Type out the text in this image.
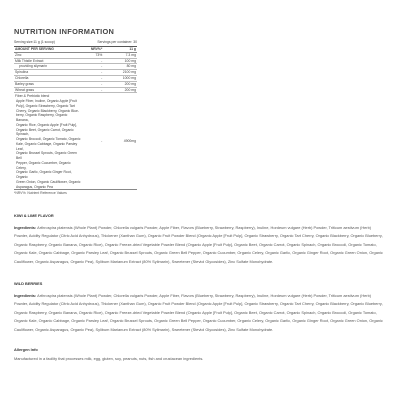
NUTRITION INFORMATION
Serving size:11 g (1 scoop)	Servings per container: 30
AMOUNT PER SERVING	NRV%*	11 g
Zinc	73%	7.3 mg
Milk Thistle Extract	-	100 mg
providing silymarin	-	80 mg
Spirulina	-	2100 mg
Chlorella	-	1000 mg
Barley grass	-	200 mg
Wheat grass	-	200 mg
Fiber & Prebiotic blend
Apple Fiber, Inuline, Organic Apple [Fruit
Pulp], Organic Strawberry, Organic Tart
Cherry, Organic Blackberry, Organic Blue-
berry, Organic Raspberry, Organic Banana,
Organic Rice, Organic Apple [Fruit Pulp],
Organic Beet, Organic Carrot, Organic Spinach,
Organic Broccoli, Organic Tomato, Organic
Kale, Organic Cabbage, Organic Parsley Leaf,
Organic Brussel Sprouts, Organic Green Bell
Pepper, Organic Cucumber, Organic Celery,
Organic Garlic, Organic Ginger Root, Organic
Green Onion, Organic Cauliflower, Organic
Asparagus, Organic Pea
-	4900mg
*NRV%: Nutrient Reference Values

KIWI & LIME FLAVOR

Ingredients: Arthrospira platensis (Whole Plant) Powder, Chlorella vulgaris Powder, Apple Fiber, Flavors (Blueberry, Strawberry, Raspberry), Inuline, Hordeum vulgare (Herb) Powder, Triticum aestivum (Herb) Powder, Acidity Regulator (Citric Acid Anhydrous), Thickener (Xanthan Gum), Organic Fruit Powder Blend (Organic Apple [Fruit Pulp], Organic Strawberry, Organic Tart Cherry, Organic Blackberry, Organic Blueberry, Organic Raspberry, Organic Banana, Organic Rice), Organic Freeze-dried Vegetable Powder Blend (Organic Apple [Fruit Pulp], Organic Beet, Organic Carrot, Organic Spinach, Organic Broccoli, Organic Tomato, Organic Kale, Organic Cabbage, Organic Parsley Leaf, Organic Brussel Sprouts, Organic Green Bell Pepper, Organic Cucumber, Organic Celery, Organic Garlic, Organic Ginger Root, Organic Green Onion, Organic Cauliflower, Organic Asparagus, Organic Pea), Sylibum Marianum Extract (80% Sylimarin), Sweetener (Steviol Glycosides), Zinc Sulfate Monohydrate.

WILD BERRIES

Ingredients: Arthrospira platensis (Whole Plant) Powder, Chlorella vulgaris Powder, Apple Fiber, Flavors (Blueberry, Strawberry, Raspberry), Inuline, Hordeum vulgare (Herb) Powder, Triticum aestivum (Herb) Powder, Acidity Regulator (Citric Acid Anhydrous), Thickener (Xanthan Gum), Organic Fruit Powder Blend (Organic Apple [Fruit Pulp], Organic Strawberry, Organic Tart Cherry, Organic Blackberry, Organic Blueberry, Organic Raspberry, Organic Banana, Organic Rice), Organic Freeze-dried Vegetable Powder Blend (Organic Apple [Fruit Pulp], Organic Beet, Organic Carrot, Organic Spinach, Organic Broccoli, Organic Tomato, Organic Kale, Organic Cabbage, Organic Parsley Leaf, Organic Brussel Sprouts, Organic Green Bell Pepper, Organic Cucumber, Organic Celery, Organic Garlic, Organic Ginger Root, Organic Green Onion, Organic Cauliflower, Organic Asparagus, Organic Pea), Sylibum Marianum Extract (80% Sylimarin), Sweetener (Steviol Glycosides), Zinc Sulfate Monohydrate.

Allergen Info

Manufactured in a facility that processes milk, egg, gluten, soy, peanuts, nuts, fish and crustacean ingredients.
